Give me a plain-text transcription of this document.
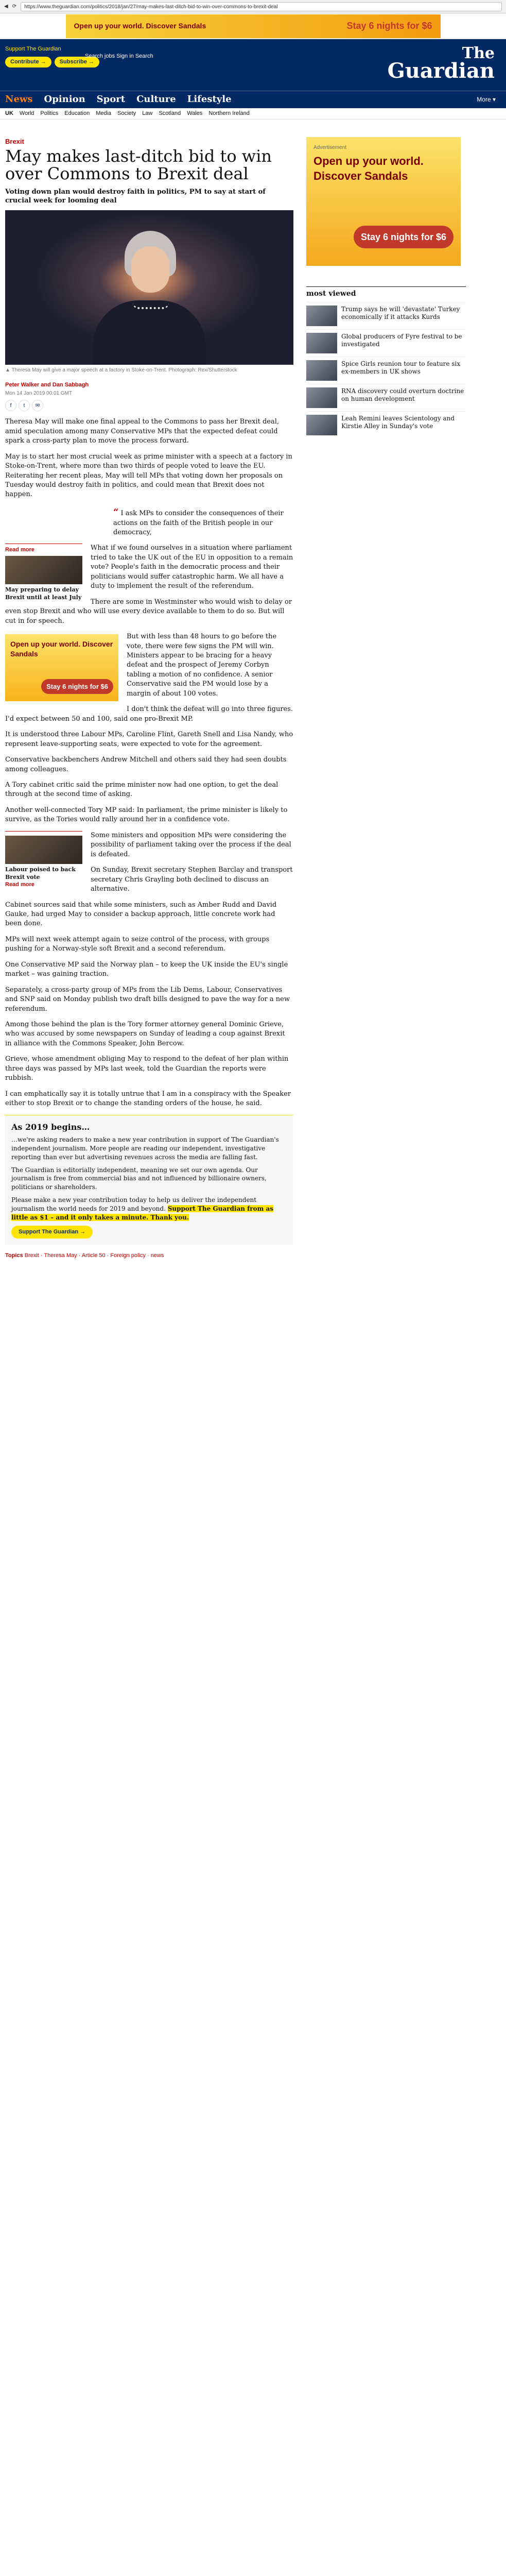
◀ ⟳	https://www.theguardian.com/politics/2018/jan/27/may-makes-last-ditch-bid-to-win-over-commons-to-brexit-deal
Open up your world. Discover Sandals	Stay 6 nights for $6
Support The Guardian
Contribute →	Subscribe →
Search jobs Sign in Search	The
Guardian
News Opinion Sport Culture Lifestyle	More ▾
UK World Politics Education Media Society Law Scotland Wales Northern Ireland
Brexit
May makes last-ditch bid to win over Commons to Brexit deal
Voting down plan would destroy faith in politics, PM to say at start of crucial week for looming deal
▲ Theresa May will give a major speech at a factory in Stoke-on-Trent. Photograph: Rex/Shutterstock
Peter Walker and Dan Sabbagh
Mon 14 Jan 2019 00.01 GMT
f	t	✉

Theresa May will make one final appeal to the Commons to pass her Brexit deal, amid speculation among many Conservative MPs that the expected defeat could spark a cross-party plan to move the process forward.

May is to start her most crucial week as prime minister with a speech at a factory in Stoke-on-Trent, where more than two thirds of people voted to leave the EU. Reiterating her recent pleas, May will tell MPs that voting down her proposals on Tuesday would destroy faith in politics, and could mean that Brexit does not happen.

“ I ask MPs to consider the consequences of their actions on the faith of the British people in our democracy,
Read more
May preparing to delay Brexit until at least July

What if we found ourselves in a situation where parliament tried to take the UK out of the EU in opposition to a remain vote? People's faith in the democratic process and their politicians would suffer catastrophic harm. We all have a duty to implement the result of the referendum.

There are some in Westminster who would wish to delay or even stop Brexit and who will use every device available to them to do so. But will cut in for speech.

Open up your world. Discover Sandals
Stay 6 nights for $6

But with less than 48 hours to go before the vote, there were few signs the PM will win. Ministers appear to be bracing for a heavy defeat and the prospect of Jeremy Corbyn tabling a motion of no confidence. A senior Conservative said the PM would lose by a margin of about 100 votes.

I don't think the defeat will go into three figures. I'd expect between 50 and 100, said one pro-Brexit MP.

It is understood three Labour MPs, Caroline Flint, Gareth Snell and Lisa Nandy, who represent leave-supporting seats, were expected to vote for the agreement.

Conservative backbenchers Andrew Mitchell and others said they had seen doubts among colleagues.

A Tory cabinet critic said the prime minister now had one option, to get the deal through at the second time of asking.

Another well-connected Tory MP said: In parliament, the prime minister is likely to survive, as the Tories would rally around her in a confidence vote.

Labour poised to back Brexit vote
Read more

Some ministers and opposition MPs were considering the possibility of parliament taking over the process if the deal is defeated.

On Sunday, Brexit secretary Stephen Barclay and transport secretary Chris Grayling both declined to discuss an alternative.

Cabinet sources said that while some ministers, such as Amber Rudd and David Gauke, had urged May to consider a backup approach, little concrete work had been done.

MPs will next week attempt again to seize control of the process, with groups pushing for a Norway-style soft Brexit and a second referendum.

One Conservative MP said the Norway plan – to keep the UK inside the EU's single market – was gaining traction.

Separately, a cross-party group of MPs from the Lib Dems, Labour, Conservatives and SNP said on Monday publish two draft bills designed to pave the way for a new referendum.

Among those behind the plan is the Tory former attorney general Dominic Grieve, who was accused by some newspapers on Sunday of leading a coup against Brexit in alliance with the Commons Speaker, John Bercow.

Grieve, whose amendment obliging May to respond to the defeat of her plan within three days was passed by MPs last week, told the Guardian the reports were rubbish.

I can emphatically say it is totally untrue that I am in a conspiracy with the Speaker either to stop Brexit or to change the standing orders of the house, he said.

As 2019 begins…

…we're asking readers to make a new year contribution in support of The Guardian's independent journalism. More people are reading our independent, investigative reporting than ever but advertising revenues across the media are falling fast.

The Guardian is editorially independent, meaning we set our own agenda. Our journalism is free from commercial bias and not influenced by billionaire owners, politicians or shareholders.

Please make a new year contribution today to help us deliver the independent journalism the world needs for 2019 and beyond. Support The Guardian from as little as $1 – and it only takes a minute. Thank you.

Support The Guardian →
Topics Brexit · Theresa May · Article 50 · Foreign policy · news
Advertisement
Open up your world. Discover Sandals
Stay 6 nights for $6
most viewed
Trump says he will 'devastate' Turkey economically if it attacks Kurds
Global producers of Fyre festival to be investigated
Spice Girls reunion tour to feature six ex-members in UK shows
RNA discovery could overturn doctrine on human development
Leah Remini leaves Scientology and Kirstie Alley in Sunday's vote
